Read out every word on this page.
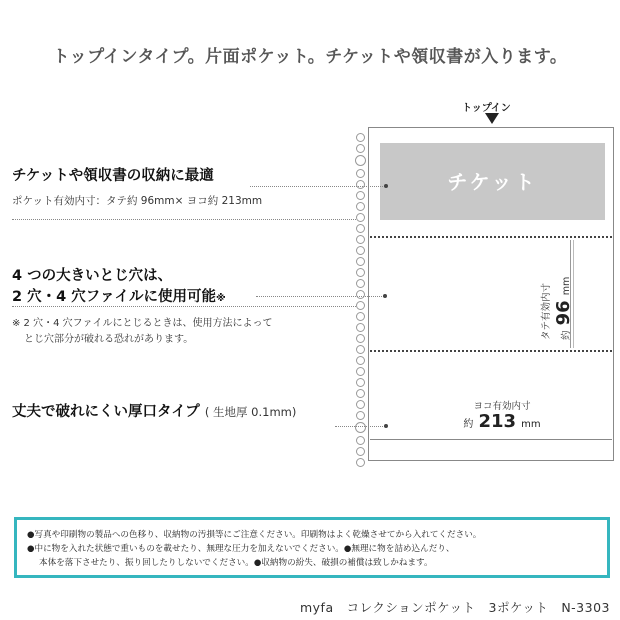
トップインタイプ。片面ポケット。チケットや領収書が入ります。
チケットや領収書の収納に最適
ポケット有効内寸：タテ約 96mm× ヨコ約 213mm
4 つの大きいとじ穴は、
2 穴・4 穴ファイルに使用可能※
※ 2 穴・4 穴ファイルにとじるときは、使用方法によって
とじ穴部分が破れる恐れがあります。
丈夫で破れにくい厚口タイプ ( 生地厚 0.1mm)
トップイン
チケット
タテ有効内寸 約 96 mm
ヨコ有効内寸
約 213 mm
●写真や印刷物の製品への色移り、収納物の汚損等にご注意ください。印刷物はよく乾燥させてから入れてください。
●中に物を入れた状態で重いものを載せたり、無理な圧力を加えないでください。●無理に物を詰め込んだり、
本体を落下させたり、振り回したりしないでください。●収納物の紛失、破損の補償は致しかねます。
myfa　コレクションポケット　3ポケット　N-3303
